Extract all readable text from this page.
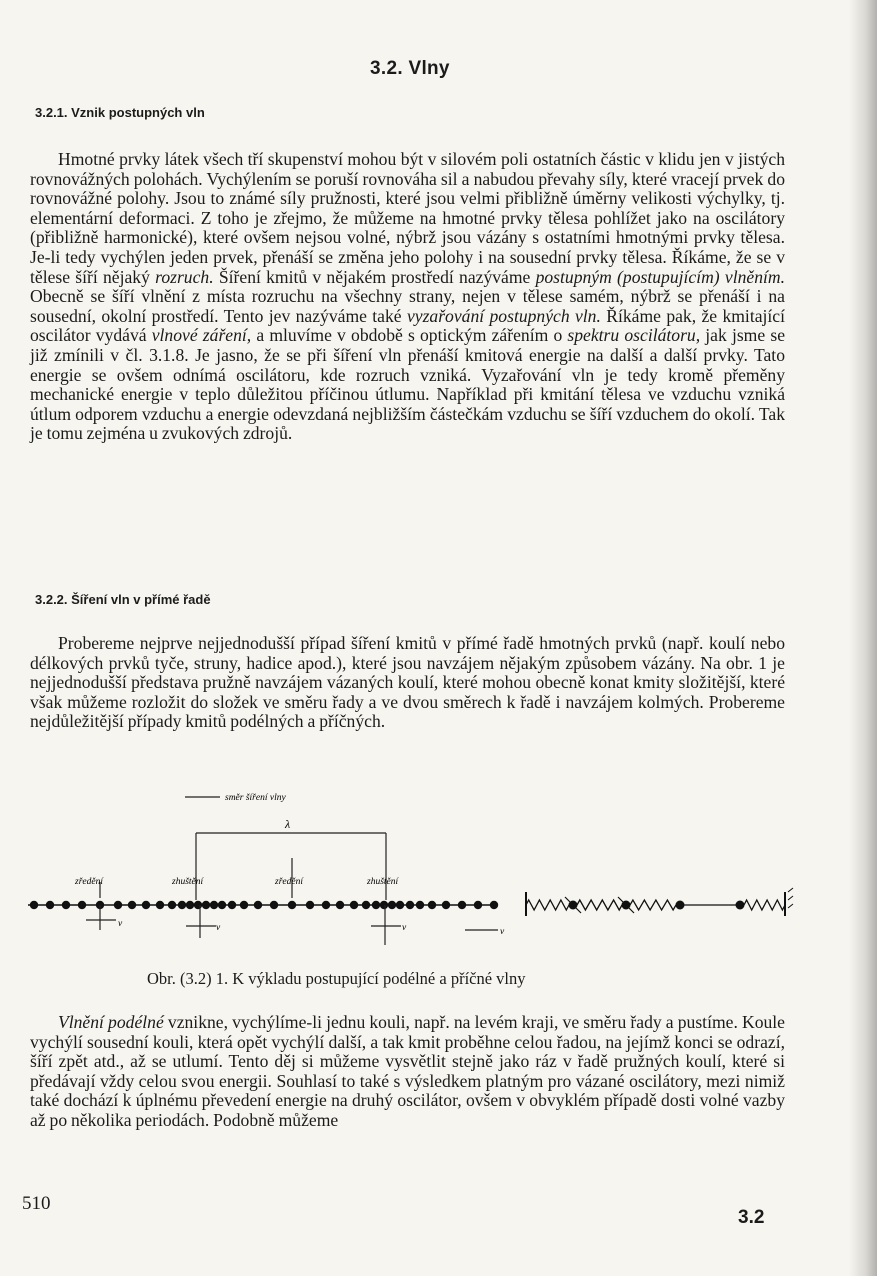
3.2. Vlny
3.2.1. Vznik postupných vln
Hmotné prvky látek všech tří skupenství mohou být v silovém poli ostatních částic v klidu jen v jistých rovnovážných polohách. Vychýlením se poruší rovnováha sil a nabudou převahy síly, které vracejí prvek do rovnovážné polohy. Jsou to známé síly pružnosti, které jsou velmi přibližně úměrny velikosti výchylky, tj. elementární deformaci. Z toho je zřejmo, že můžeme na hmotné prvky tělesa pohlížet jako na oscilátory (přibližně harmonické), které ovšem nejsou volné, nýbrž jsou vázány s ostatními hmotnými prvky tělesa. Je-li tedy vychýlen jeden prvek, přenáší se změna jeho polohy i na sousední prvky tělesa. Říkáme, že se v tělese šíří nějaký rozruch. Šíření kmitů v nějakém prostředí nazýváme postupným (postupujícím) vlněním. Obecně se šíří vlnění z místa rozruchu na všechny strany, nejen v tělese samém, nýbrž se přenáší i na sousední, okolní prostředí. Tento jev nazýváme také vyzařování postupných vln. Říkáme pak, že kmitající oscilátor vydává vlnové záření, a mluvíme v obdobě s optickým zářením o spektru oscilátoru, jak jsme se již zmínili v čl. 3.1.8. Je jasno, že se při šíření vln přenáší kmitová energie na další a další prvky. Tato energie se ovšem odnímá oscilátoru, kde rozruch vzniká. Vyzařování vln je tedy kromě přeměny mechanické energie v teplo důležitou příčinou útlumu. Například při kmitání tělesa ve vzduchu vzniká útlum odporem vzduchu a energie odevzdaná nejbližším částečkám vzduchu se šíří vzduchem do okolí. Tak je tomu zejména u zvukových zdrojů.
3.2.2. Šíření vln v přímé řadě
Probereme nejprve nejjednodušší případ šíření kmitů v přímé řadě hmotných prvků (např. koulí nebo délkových prvků tyče, struny, hadice apod.), které jsou navzájem nějakým způsobem vázány. Na obr. 1 je nejjednodušší představa pružně navzájem vázaných koulí, které mohou obecně konat kmity složitější, které však můžeme rozložit do složek ve směru řady a ve dvou směrech k řadě i navzájem kolmých. Probereme nejdůležitější případy kmitů podélných a příčných.
směr šíření vlny
λ
zředění	zhuštění	zředění	zhuštění
v	v	v	v
Obr. (3.2) 1. K výkladu postupující podélné a příčné vlny
Vlnění podélné vznikne, vychýlíme-li jednu kouli, např. na levém kraji, ve směru řady a pustíme. Koule vychýlí sousední kouli, která opět vychýlí další, a tak kmit proběhne celou řadou, na jejímž konci se odrazí, šíří zpět atd., až se utlumí. Tento děj si můžeme vysvětlit stejně jako ráz v řadě pružných koulí, které si předávají vždy celou svou energii. Souhlasí to také s výsledkem platným pro vázané oscilátory, mezi nimiž také dochází k úplnému převedení energie na druhý oscilátor, ovšem v obvyklém případě dosti volné vazby až po několika periodách. Podobně můžeme
510
3.2
